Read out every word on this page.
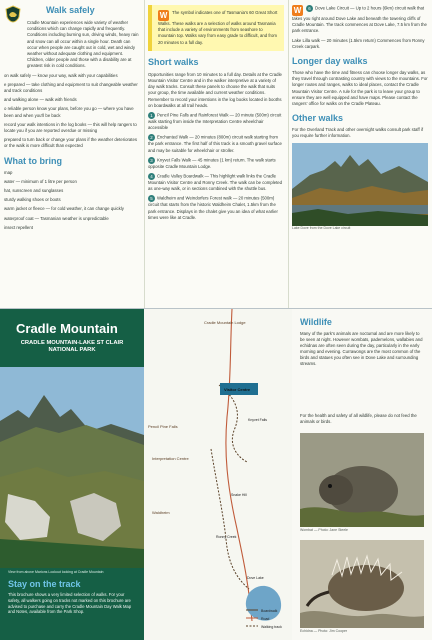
Walk safely

Cradle Mountain experiences wide variety of weather conditions which can change rapidly and frequently. Conditions including burning sun, driving winds, heavy rain and snow can all occur within a single hour. Death can occur when people are caught out in cold, wet and windy weather without adequate clothing and equipment. Children, older people and those with a disability are at greatest risk in cold conditions.

on walk safely — know your way, walk with your capabilities

e prepared — take clothing and equipment to suit changeable weather and track conditions

and walking alone — walk with friends

o reliable person know your plans, before you go — where you have been and when you'll be back

record your walk intentions in the log books — this will help rangers to locate you if you are reported overdue or missing

prepared to turn back or change your plans if the weather deteriorates or the walk is more difficult than expected

What to bring

map

water — minimum of 1 litre per person

hat, sunscreen and sunglasses

sturdy walking shoes or boots

warm jacket or fleece — for cold weather, it can change quickly

waterproof coat — Tasmanian weather is unpredictable

insect repellent

W The symbol indicates one of Tasmania's 60 Great Short Walks. These walks are a selection of walks around Tasmania that include a variety of environments from seashore to mountain top. Walks vary from easy grade to difficult, and from 20 minutes to a full day.
Short walks

Opportunities range from 10 minutes to a full day. Details at the Cradle Mountain Visitor Centre and in the walker interpretive at a variety of day walk tracks. Consult these panels to choose the walk that suits your group, the time available and current weather conditions. Remember to record your intentions in the log books located in booths on boardwalks at all trail heads.

1 Pencil Pine Falls and Rainforest Walk — 20 minute (500m) circuit walk starting from inside the Interpretation Centre wheelchair accessible
2 Enchanted Walk — 20 minutes (800m) circuit walk starting from the park entrance. The first half of this track is a smooth gravel surface and may be suitable for wheelchair or stroller.
3 Knyvet Falls Walk — 45 minutes (1 km) return. The walk starts opposite Cradle Mountain Lodge.
4 Cradle Valley Boardwalk — This highlight walk links the Cradle Mountain Visitor Centre and Ronny Creek. The walk can be completed as one-way walk, or in sections combined with the shuttle bus.
5 Waldheim and Weindorfers Forest walk — 20 minutes (500m) circuit that starts from the historic Waldheim Chalet, 1.5km from the park entrance. Displays in the chalet give you an idea of what earlier times were like at Cradle.

W 6 Dove Lake Circuit — Up to 2 hours (6km) circuit walk that takes you right around Dove Lake and beneath the towering cliffs of Cradle Mountain. The track commences at Dove Lake, 7.5 km from the park entrance.

Lake Lilla walk — 20 minutes (1.5km return) Commences from Ronny Creek carpark.

Longer day walks

Those who have the time and fitness can choose longer day walks, as they travel through contrasting country with views to the mountains. For longer routes and ranges, walks to ideal places, contact the Cradle Mountain Visitor Centre. A rule for the park is to leave your group to ensure they are well equipped and have maps. Please contact the rangers' office for walks on the Cradle Plateau.

Other walks

For the Overland Track and other overnight walks consult park staff if you require further information.

Lake Dove from the Dove Lake circuit
Cradle Mountain
CRADLE MOUNTAIN-LAKE ST CLAIR NATIONAL PARK
View from above Marions Lookout looking at Cradle Mountain
Stay on the track

This brochure shows a very limited selection of walks. For your safety, all walkers going on tracks not marked on this brochure are advised to purchase and carry the Cradle Mountain Day Walk Map and Notes, available from the Park Shop.

Visitor Centre
Cradle Mountain Lodge
Pencil Pine Falls
Interpretation Centre
Knyvet Falls
Snake Hill
Waldheim
Ronny Creek
Dove Lake
Boardwalk
Road
Walking track
Wildlife

Many of the park's animals are nocturnal and are more likely to be seen at night. However wombats, pademelons, wallabies and echidnas are often seen during the day, particularly in the early morning and evening. Currawongs are the most common of the birds and statues you often see in Dove Lake and surrounding streams.

For the health and safety of all wildlife, please do not feed the animals or birds.

Wombat — Photo: Jane Steele
Echidna — Photo: Jim Cooper
